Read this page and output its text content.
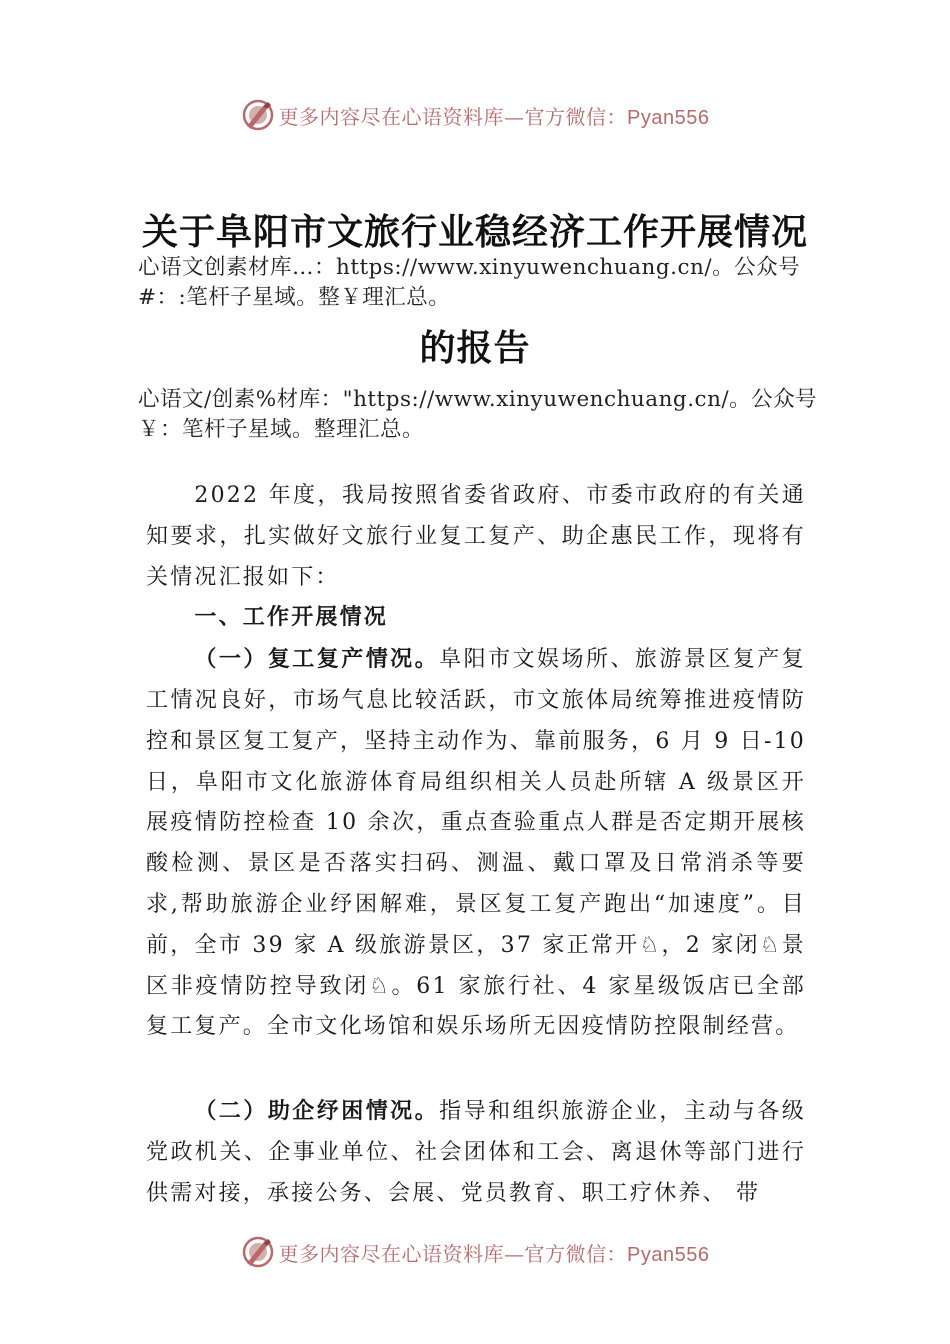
更多内容尽在心语资料库—官方微信：Pyan556
关于阜阳市文旅行业稳经济工作开展情况
心语文创素材库…：https://www.xinyuwenchuang.cn/。公众号#：:笔杆子星域。整￥理汇总。
的报告
心语文/创素%材库："https://www.xinyuwenchuang.cn/。公众号￥：笔杆子星域。整理汇总。

2022 年度，我局按照省委省政府、市委市政府的有关通知要求，扎实做好文旅行业复工复产、助企惠民工作，现将有关情况汇报如下：

一、工作开展情况

（一）复工复产情况。阜阳市文娱场所、旅游景区复产复工情况良好，市场气息比较活跃，市文旅体局统筹推进疫情防控和景区复工复产，坚持主动作为、靠前服务，6 月 9 日-10 日，阜阳市文化旅游体育局组织相关人员赴所辖 A 级景区开展疫情防控检查 10 余次，重点查验重点人群是否定期开展核酸检测、景区是否落实扫码、测温、戴口罩及日常消杀等要求,帮助旅游企业纾困解难，景区复工复产跑出“加速度”。目前，全市 39 家 A 级旅游景区，37 家正常开♘，2 家闭♘景区非疫情防控导致闭♘。61 家旅行社、4 家星级饭店已全部复工复产。全市文化场馆和娱乐场所无因疫情防控限制经营。

（二）助企纾困情况。指导和组织旅游企业，主动与各级党政机关、企事业单位、社会团体和工会、离退休等部门进行供需对接，承接公务、会展、党员教育、职工疗休养、 带

更多内容尽在心语资料库—官方微信：Pyan556
